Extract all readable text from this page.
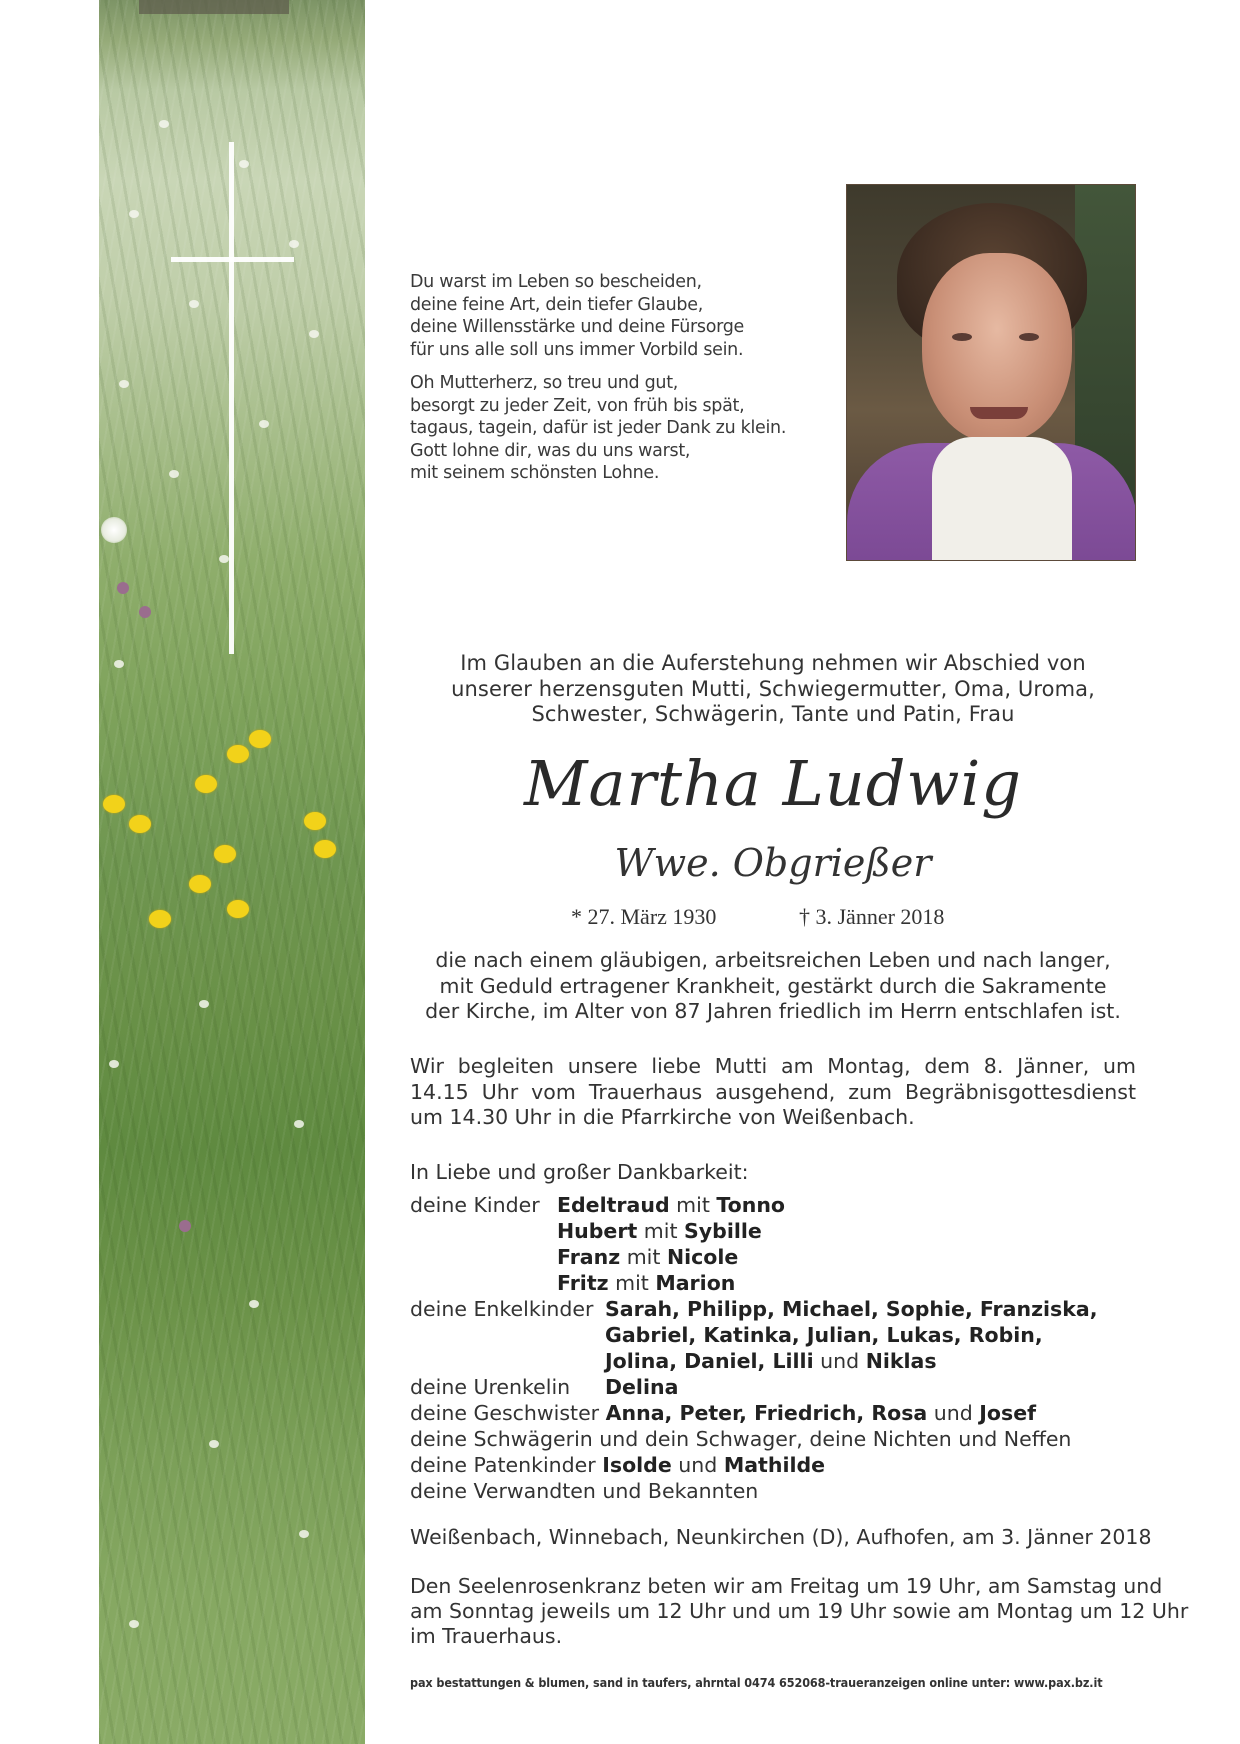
Du warst im Leben so bescheiden,
deine feine Art, dein tiefer Glaube,
deine Willensstärke und deine Fürsorge
für uns alle soll uns immer Vorbild sein.

Oh Mutterherz, so treu und gut,
besorgt zu jeder Zeit, von früh bis spät,
tagaus, tagein, dafür ist jeder Dank zu klein.
Gott lohne dir, was du uns warst,
mit seinem schönsten Lohne.

Im Glauben an die Auferstehung nehmen wir Abschied von
unserer herzensguten Mutti, Schwiegermutter, Oma, Uroma,
Schwester, Schwägerin, Tante und Patin, Frau
Martha Ludwig
Wwe. Obgrießer
* 27. März 1930	† 3. Jänner 2018
die nach einem gläubigen, arbeitsreichen Leben und nach langer,
mit Geduld ertragener Krankheit, gestärkt durch die Sakramente
der Kirche, im Alter von 87 Jahren friedlich im Herrn entschlafen ist.
Wir begleiten unsere liebe Mutti am Montag, dem 8. Jänner, um
14.15 Uhr vom Trauerhaus ausgehend, zum Begräbnisgottesdienst
um 14.30 Uhr in die Pfarrkirche von Weißenbach.
In Liebe und großer Dankbarkeit:
deine Kinder Edeltraud mit Tonno
Hubert mit Sybille
Franz mit Nicole
Fritz mit Marion
deine Enkelkinder Sarah, Philipp, Michael, Sophie, Franziska,
Gabriel, Katinka, Julian, Lukas, Robin,
Jolina, Daniel, Lilli und Niklas
deine Urenkelin Delina
deine Geschwister Anna, Peter, Friedrich, Rosa und Josef
deine Schwägerin und dein Schwager, deine Nichten und Neffen
deine Patenkinder Isolde und Mathilde
deine Verwandten und Bekannten
Weißenbach, Winnebach, Neunkirchen (D), Aufhofen, am 3. Jänner 2018
Den Seelenrosenkranz beten wir am Freitag um 19 Uhr, am Samstag und
am Sonntag jeweils um 12 Uhr und um 19 Uhr sowie am Montag um 12 Uhr
im Trauerhaus.
pax bestattungen & blumen, sand in taufers, ahrntal 0474 652068-traueranzeigen online unter: www.pax.bz.it
